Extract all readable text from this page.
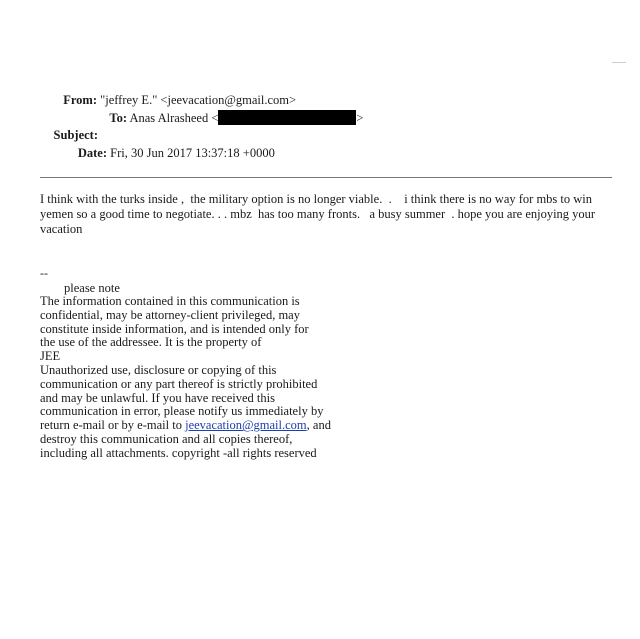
From: "jeffrey E." <jeevacation@gmail.com>
To: Anas Alrasheed <	>
Subject:
Date: Fri, 30 Jun 2017 13:37:18 +0000
I think with the turks inside ,  the military option is no longer viable.  .    i think there is no way for mbs to win
yemen so a good time to negotiate. . . mbz  has too many fronts.   a busy summer  . hope you are enjoying your
vacation

--

please note

The information contained in this communication is
confidential, may be attorney-client privileged, may
constitute inside information, and is intended only for
the use of the addressee. It is the property of
JEE
Unauthorized use, disclosure or copying of this
communication or any part thereof is strictly prohibited
and may be unlawful. If you have received this
communication in error, please notify us immediately by
return e-mail or by e-mail to jeevacation@gmail.com, and
destroy this communication and all copies thereof,
including all attachments. copyright -all rights reserved
